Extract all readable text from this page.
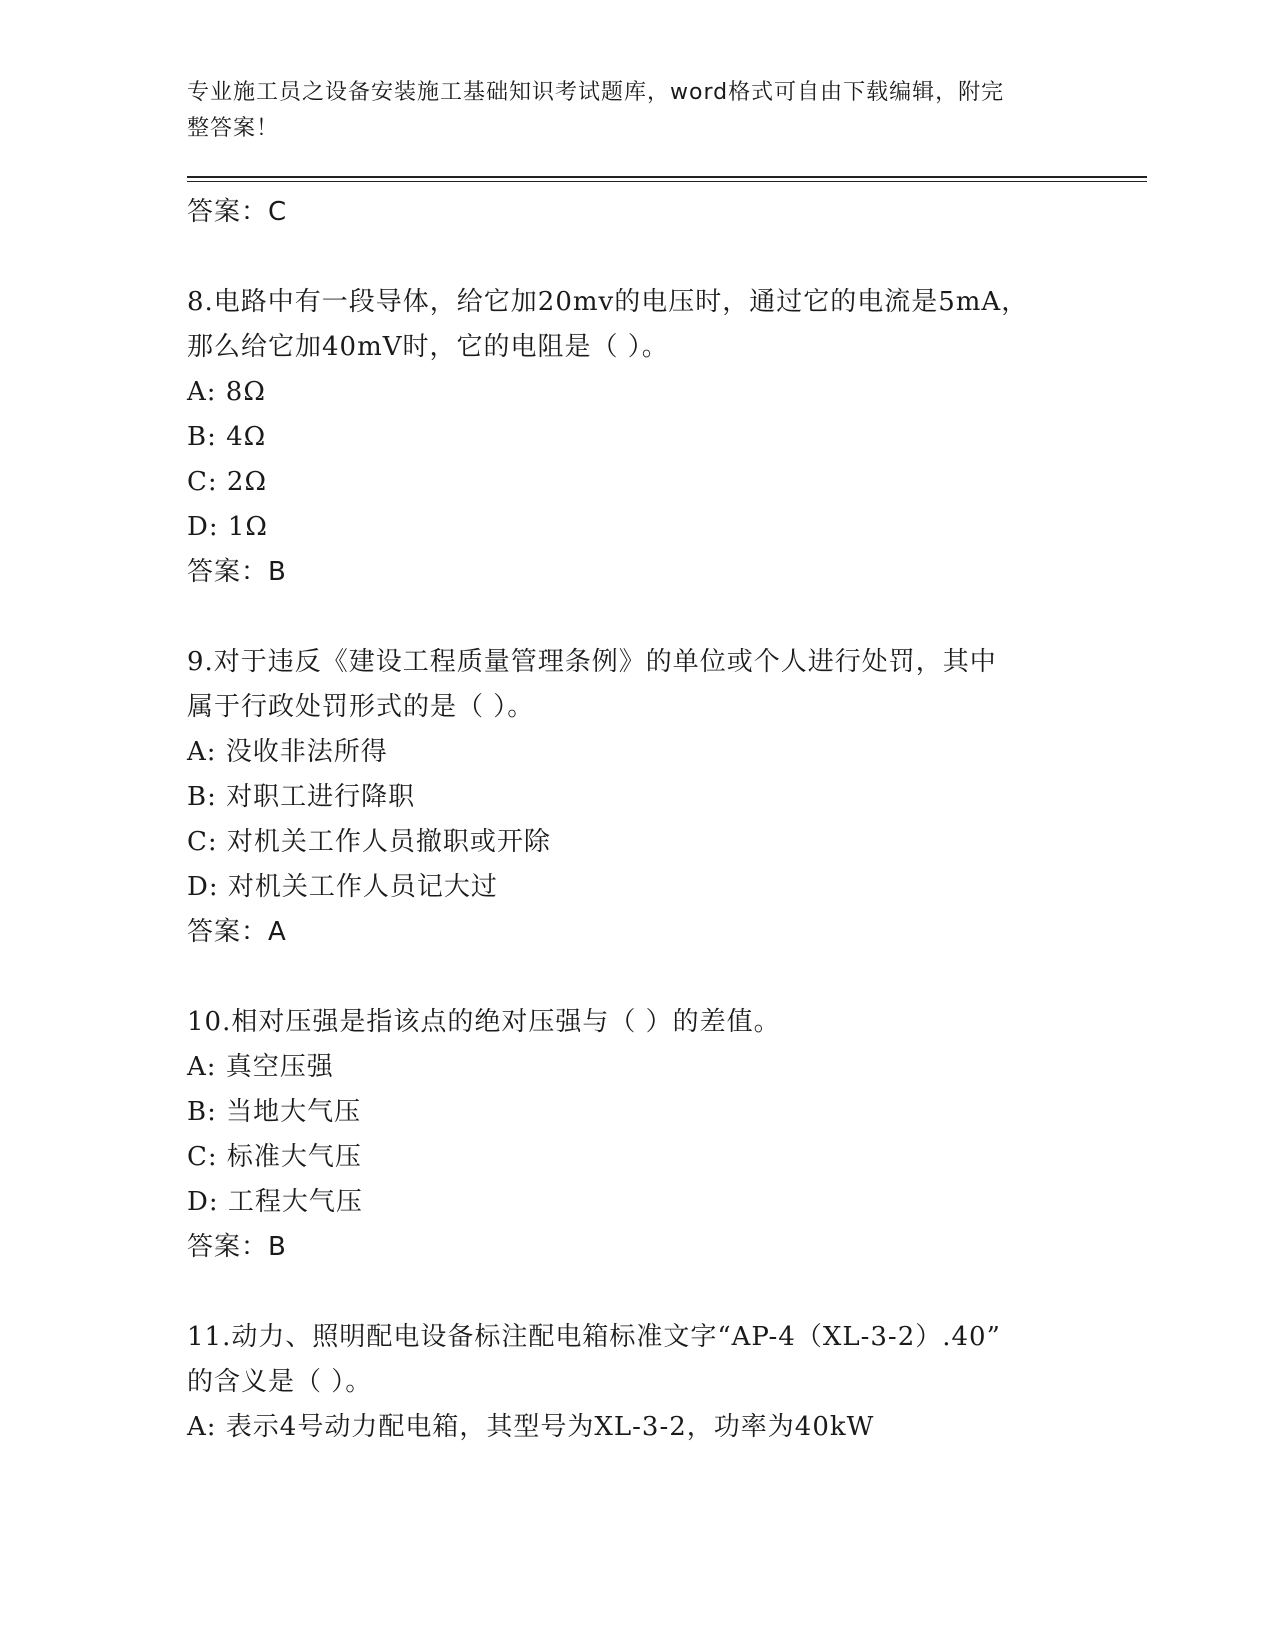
专业施工员之设备安装施工基础知识考试题库，word格式可自由下载编辑，附完
整答案！
答案：C
8.电路中有一段导体，给它加20mv的电压时，通过它的电流是5mA，
那么给它加40mV时，它的电阻是（ ）。
A: 8Ω
B: 4Ω
C: 2Ω
D: 1Ω
答案：B
9.对于违反《建设工程质量管理条例》的单位或个人进行处罚，其中
属于行政处罚形式的是（ ）。
A: 没收非法所得
B: 对职工进行降职
C: 对机关工作人员撤职或开除
D: 对机关工作人员记大过
答案：A
10.相对压强是指该点的绝对压强与（ ）的差值。
A: 真空压强
B: 当地大气压
C: 标准大气压
D: 工程大气压
答案：B
11.动力、照明配电设备标注配电箱标准文字“AP-4（XL-3-2）.40”
的含义是（ ）。
A: 表示4号动力配电箱，其型号为XL-3-2，功率为40kW
